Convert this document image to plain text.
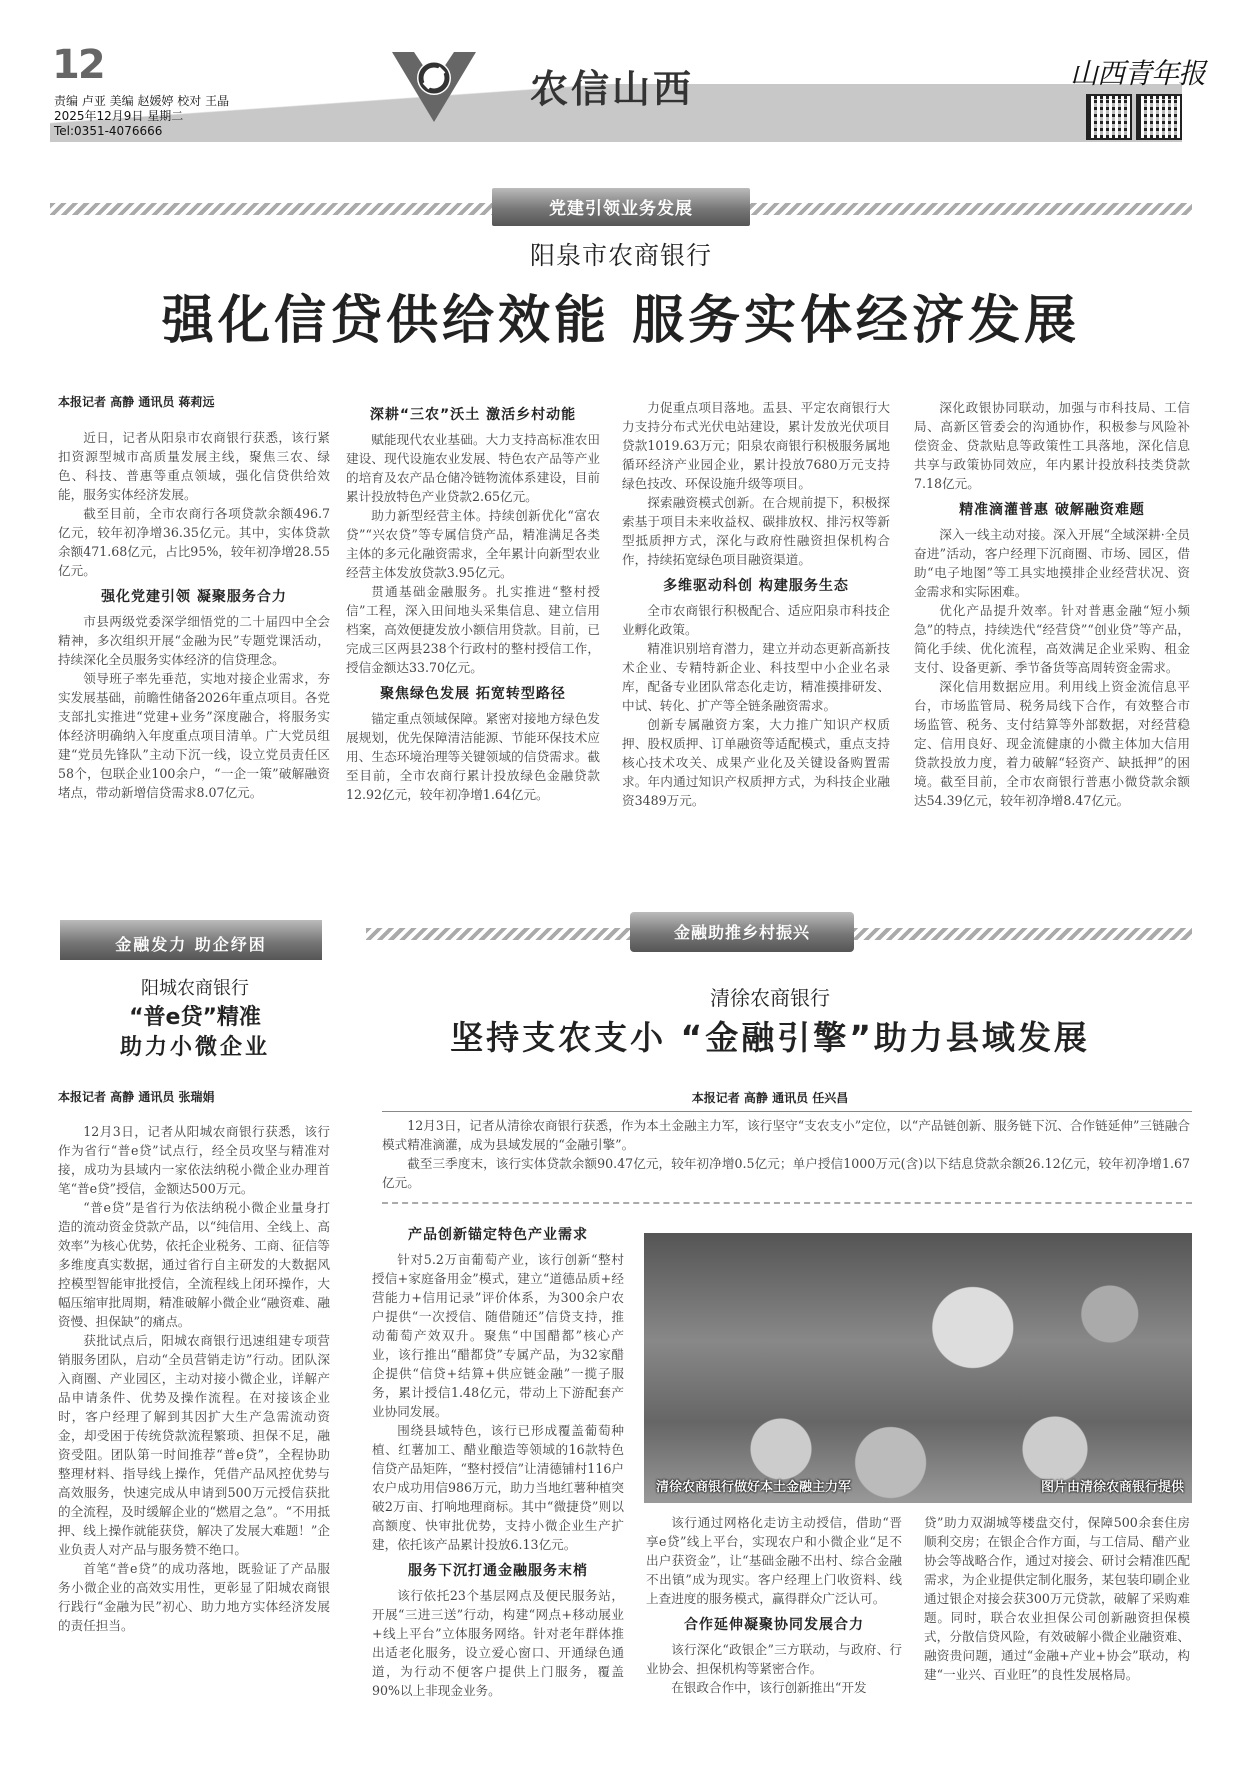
12
责编 卢亚 美编 赵媛婷 校对 王晶
2025年12月9日 星期二
Tel:0351-4076666
农信山西	山西青年报
党建引领业务发展
阳泉市农商银行
强化信贷供给效能 服务实体经济发展
本报记者 高静 通讯员 蒋莉远

近日，记者从阳泉市农商银行获悉，该行紧扣资源型城市高质量发展主线，聚焦三农、绿色、科技、普惠等重点领域，强化信贷供给效能，服务实体经济发展。

截至目前，全市农商行各项贷款余额496.7亿元，较年初净增36.35亿元。其中，实体贷款余额471.68亿元，占比95%，较年初净增28.55亿元。

强化党建引领 凝聚服务合力

市县两级党委深学细悟党的二十届四中全会精神，多次组织开展“金融为民”专题党课活动，持续深化全员服务实体经济的信贷理念。

领导班子率先垂范，实地对接企业需求，夯实发展基础，前瞻性储备2026年重点项目。各党支部扎实推进“党建+业务”深度融合，将服务实体经济明确纳入年度重点项目清单。广大党员组建“党员先锋队”主动下沉一线，设立党员责任区58个，包联企业100余户，“一企一策”破解融资堵点，带动新增信贷需求8.07亿元。

深耕“三农”沃土 激活乡村动能

赋能现代农业基础。大力支持高标准农田建设、现代设施农业发展、特色农产品等产业的培育及农产品仓储冷链物流体系建设，目前累计投放特色产业贷款2.65亿元。

助力新型经营主体。持续创新优化“富农贷”“兴农贷”等专属信贷产品，精准满足各类主体的多元化融资需求，全年累计向新型农业经营主体发放贷款3.95亿元。

贯通基础金融服务。扎实推进“整村授信”工程，深入田间地头采集信息、建立信用档案，高效便捷发放小额信用贷款。目前，已完成三区两县238个行政村的整村授信工作，授信金额达33.70亿元。

聚焦绿色发展 拓宽转型路径

锚定重点领域保障。紧密对接地方绿色发展规划，优先保障清洁能源、节能环保技术应用、生态环境治理等关键领域的信贷需求。截至目前，全市农商行累计投放绿色金融贷款12.92亿元，较年初净增1.64亿元。

力促重点项目落地。盂县、平定农商银行大力支持分布式光伏电站建设，累计发放光伏项目贷款1019.63万元；阳泉农商银行积极服务属地循环经济产业园企业，累计投放7680万元支持绿色技改、环保设施升级等项目。

探索融资模式创新。在合规前提下，积极探索基于项目未来收益权、碳排放权、排污权等新型抵质押方式，深化与政府性融资担保机构合作，持续拓宽绿色项目融资渠道。

多维驱动科创 构建服务生态

全市农商银行积极配合、适应阳泉市科技企业孵化政策。

精准识别培育潜力，建立并动态更新高新技术企业、专精特新企业、科技型中小企业名录库，配备专业团队常态化走访，精准摸排研发、中试、转化、扩产等全链条融资需求。

创新专属融资方案，大力推广知识产权质押、股权质押、订单融资等适配模式，重点支持核心技术攻关、成果产业化及关键设备购置需求。年内通过知识产权质押方式，为科技企业融资3489万元。

深化政银协同联动，加强与市科技局、工信局、高新区管委会的沟通协作，积极参与风险补偿资金、贷款贴息等政策性工具落地，深化信息共享与政策协同效应，年内累计投放科技类贷款7.18亿元。

精准滴灌普惠 破解融资难题

深入一线主动对接。深入开展“全域深耕·全员奋进”活动，客户经理下沉商圈、市场、园区，借助“电子地图”等工具实地摸排企业经营状况、资金需求和实际困难。

优化产品提升效率。针对普惠金融“短小频急”的特点，持续迭代“经营贷”“创业贷”等产品，简化手续、优化流程，高效满足企业采购、租金支付、设备更新、季节备货等高周转资金需求。

深化信用数据应用。利用线上资金流信息平台，市场监管局、税务局线下合作，有效整合市场监管、税务、支付结算等外部数据，对经营稳定、信用良好、现金流健康的小微主体加大信用贷款投放力度，着力破解“轻资产、缺抵押”的困境。截至目前，全市农商银行普惠小微贷款余额达54.39亿元，较年初净增8.47亿元。

金融发力 助企纾困
阳城农商银行
“普e贷”精准
助力小微企业
本报记者 高静 通讯员 张瑞娟

12月3日，记者从阳城农商银行获悉，该行作为省行“普e贷”试点行，经全员攻坚与精准对接，成功为县域内一家依法纳税小微企业办理首笔“普e贷”授信，金额达500万元。

“普e贷”是省行为依法纳税小微企业量身打造的流动资金贷款产品，以“纯信用、全线上、高效率”为核心优势，依托企业税务、工商、征信等多维度真实数据，通过省行自主研发的大数据风控模型智能审批授信，全流程线上闭环操作，大幅压缩审批周期，精准破解小微企业“融资难、融资慢、担保缺”的痛点。

获批试点后，阳城农商银行迅速组建专项营销服务团队，启动“全员营销走访”行动。团队深入商圈、产业园区，主动对接小微企业，详解产品申请条件、优势及操作流程。在对接该企业时，客户经理了解到其因扩大生产急需流动资金，却受困于传统贷款流程繁琐、担保不足，融资受阻。团队第一时间推荐“普e贷”，全程协助整理材料、指导线上操作，凭借产品风控优势与高效服务，快速完成从申请到500万元授信获批的全流程，及时缓解企业的“燃眉之急”。“不用抵押、线上操作就能获贷，解决了发展大难题！”企业负责人对产品与服务赞不绝口。

首笔“普e贷”的成功落地，既验证了产品服务小微企业的高效实用性，更彰显了阳城农商银行践行“金融为民”初心、助力地方实体经济发展的责任担当。

金融助推乡村振兴
清徐农商银行
坚持支农支小 “金融引擎”助力县域发展
本报记者 高静 通讯员 任兴昌

12月3日，记者从清徐农商银行获悉，作为本土金融主力军，该行坚守“支农支小”定位，以“产品链创新、服务链下沉、合作链延伸”三链融合模式精准滴灌，成为县域发展的“金融引擎”。

截至三季度末，该行实体贷款余额90.47亿元，较年初净增0.5亿元；单户授信1000万元(含)以下结息贷款余额26.12亿元，较年初净增1.67亿元。

产品创新锚定特色产业需求

针对5.2万亩葡萄产业，该行创新“整村授信+家庭备用金”模式，建立“道德品质+经营能力+信用记录”评价体系，为300余户农户提供“一次授信、随借随还”信贷支持，推动葡萄产效双升。聚焦“中国醋都”核心产业，该行推出“醋都贷”专属产品，为32家醋企提供“信贷+结算+供应链金融”一揽子服务，累计授信1.48亿元，带动上下游配套产业协同发展。

围绕县域特色，该行已形成覆盖葡萄种植、红薯加工、醋业酿造等领域的16款特色信贷产品矩阵，“整村授信”让清德铺村116户农户成功用信986万元，助力当地红薯种植突破2万亩、打响地理商标。其中“微捷贷”则以高额度、快审批优势，支持小微企业生产扩建，依托该产品累计投放6.13亿元。

服务下沉打通金融服务末梢

该行依托23个基层网点及便民服务站，开展“三进三送”行动，构建“网点+移动展业+线上平台”立体服务网络。针对老年群体推出适老化服务，设立爱心窗口、开通绿色通道，为行动不便客户提供上门服务，覆盖90%以上非现金业务。

清徐农商银行做好本土金融主力军	图片由清徐农商银行提供

该行通过网格化走访主动授信，借助“晋享e贷”线上平台，实现农户和小微企业“足不出户获资金”，让“基础金融不出村、综合金融不出镇”成为现实。客户经理上门收资料、线上查进度的服务模式，赢得群众广泛认可。

合作延伸凝聚协同发展合力

该行深化“政银企”三方联动，与政府、行业协会、担保机构等紧密合作。

在银政合作中，该行创新推出“开发

贷”助力双湖城等楼盘交付，保障500余套住房顺利交房；在银企合作方面，与工信局、醋产业协会等战略合作，通过对接会、研讨会精准匹配需求，为企业提供定制化服务，某包装印刷企业通过银企对接会获300万元贷款，破解了采购难题。同时，联合农业担保公司创新融资担保模式，分散信贷风险，有效破解小微企业融资难、融资贵问题，通过“金融+产业+协会”联动，构建“一业兴、百业旺”的良性发展格局。
